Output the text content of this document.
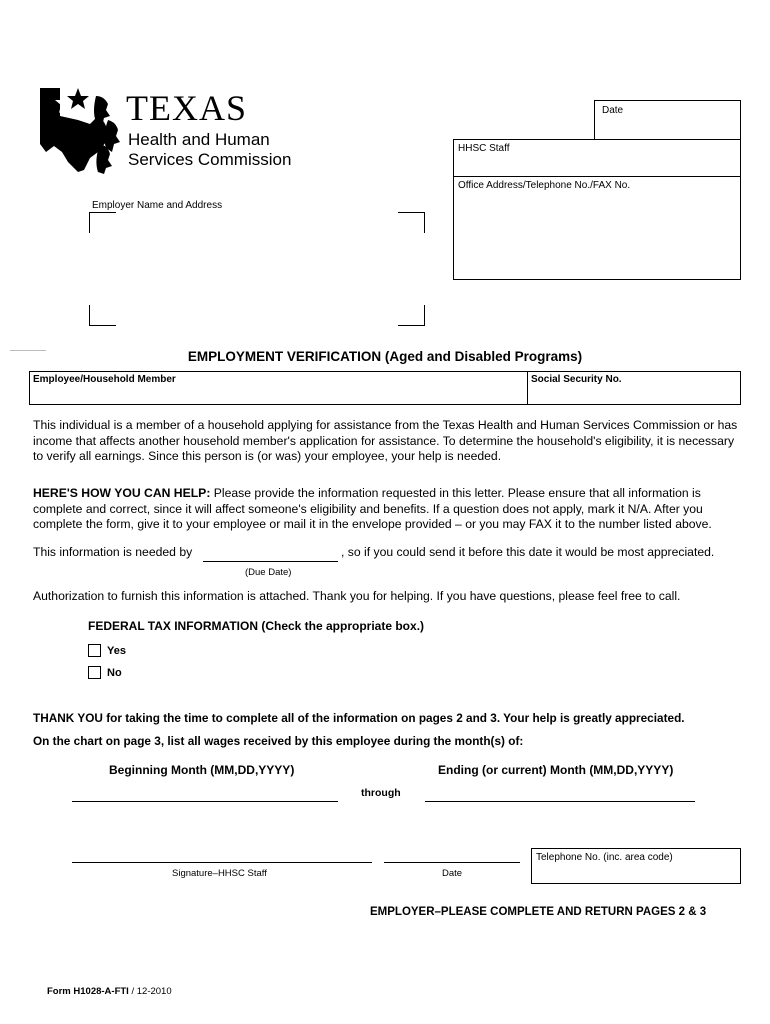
TEXAS
Health and Human
Services Commission
Date
HHSC Staff
Office Address/Telephone No./FAX No.
Employer Name and Address
EMPLOYMENT VERIFICATION (Aged and Disabled Programs)
Employee/Household Member	Social Security No.
This individual is a member of a household applying for assistance from the Texas Health and Human Services Commission or has income that affects another household member's application for assistance. To determine the household's eligibility, it is necessary to verify all earnings. Since this person is (or was) your employee, your help is needed.
HERE'S HOW YOU CAN HELP: Please provide the information requested in this letter. Please ensure that all information is complete and correct, since it will affect someone's eligibility and benefits. If a question does not apply, mark it N/A. After you complete the form, give it to your employee or mail it in the envelope provided – or you may FAX it to the number listed above.
This information is needed by	, so if you could send it before this date it would be most appreciated.
(Due Date)
Authorization to furnish this information is attached. Thank you for helping. If you have questions, please feel free to call.
FEDERAL TAX INFORMATION (Check the appropriate box.)
Yes
No
THANK YOU for taking the time to complete all of the information on pages 2 and 3. Your help is greatly appreciated.
On the chart on page 3, list all wages received by this employee during the month(s) of:
Beginning Month (MM,DD,YYYY)	Ending (or current) Month (MM,DD,YYYY)
through
Signature–HHSC Staff	Date
Telephone No. (inc. area code)
EMPLOYER–PLEASE COMPLETE AND RETURN PAGES 2 & 3
Form H1028-A-FTI / 12-2010
